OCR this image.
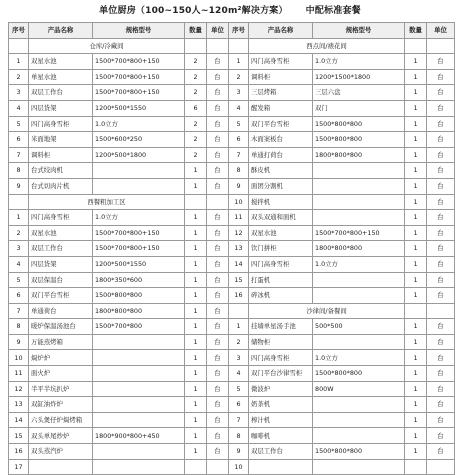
单位厨房（100~150人~120m²解决方案） 中配标准套餐
序号	产品名称	规格型号	数量	单位	序号	产品名称	规格型号	数量	单位
	仓库/冷藏间					西点间/裱花间			
1	双星水池	1500*700*800+150	2	台	1	四门高身雪柜	1.0立方	1	台
2	单星水池	1500*700*800+150	2	台	2	调料柜	1200*1500*1800	1	台
3	双层工作台	1500*700*800+150	2	台	3	三层烤箱	三层六盘	1	台
4	四层货架	1200*500*1550	6	台	4	醒发箱	双门	1	台
5	四门高身雪柜	1.0立方	2	台	5	双门平台雪柜	1500*800*800	1	台
6	米面地架	1500*600*250	2	台	6	木面案板台	1500*800*800	1	台
7	调料柜	1200*500*1800	2	台	7	单通打荷台	1800*800*800	1	台
8	台式绞肉机		1	台	8	酥皮机		1	台
9	台式切肉片机		1	台	9	面团分割机		1	台
	西餐粗加工区				10	搅拌机		1	台
1	四门高身雪柜	1.0立方	1	台	11	双头双通和面机		1	台
2	双星水池	1500*700*800+150	1	台	12	双星水池	1500*700*800+150	1	台
3	双层工作台	1500*700*800+150	1	台	13	饮门拼柜	1800*800*800	1	台
4	四层货架	1200*500*1550	1	台	14	四门高身雪柜	1.0立方	1	台
5	双层保温台	1800*350*600	1	台	15	打蛋机		1	台
6	双门平台雪柜	1500*800*800	1	台	16	碎冰机		1	台
7	单通荷台	1800*800*800	1	台		沙律间/备餐间			
8	暖炉保温汤池台	1500*700*800	1	台	1	挂墙单星汤手池	500*500	1	台
9	万能蒸烤箱		1	台	2	储物柜		1	台
10	焗炉炉		1	台	3	四门高身雪柜	1.0立方	1	台
11	面火炉		1	台	4	双门平台沙律雪柜	1500*800*800	1	台
12	半平半坑扒炉		1	台	5	微波炉	800W	1	台
13	双缸油炸炉		1	台	6	奶茶机		1	台
14	六头煲仔炉焗烤箱		1	台	7	榨汁机		1	台
15	双头单尾炒炉	1800*900*800+450	1	台	8	咖啡机		1	台
16	双头蒸汽炉		1	台	9	双层工作台	1500*800*800	1	台
17					10				
